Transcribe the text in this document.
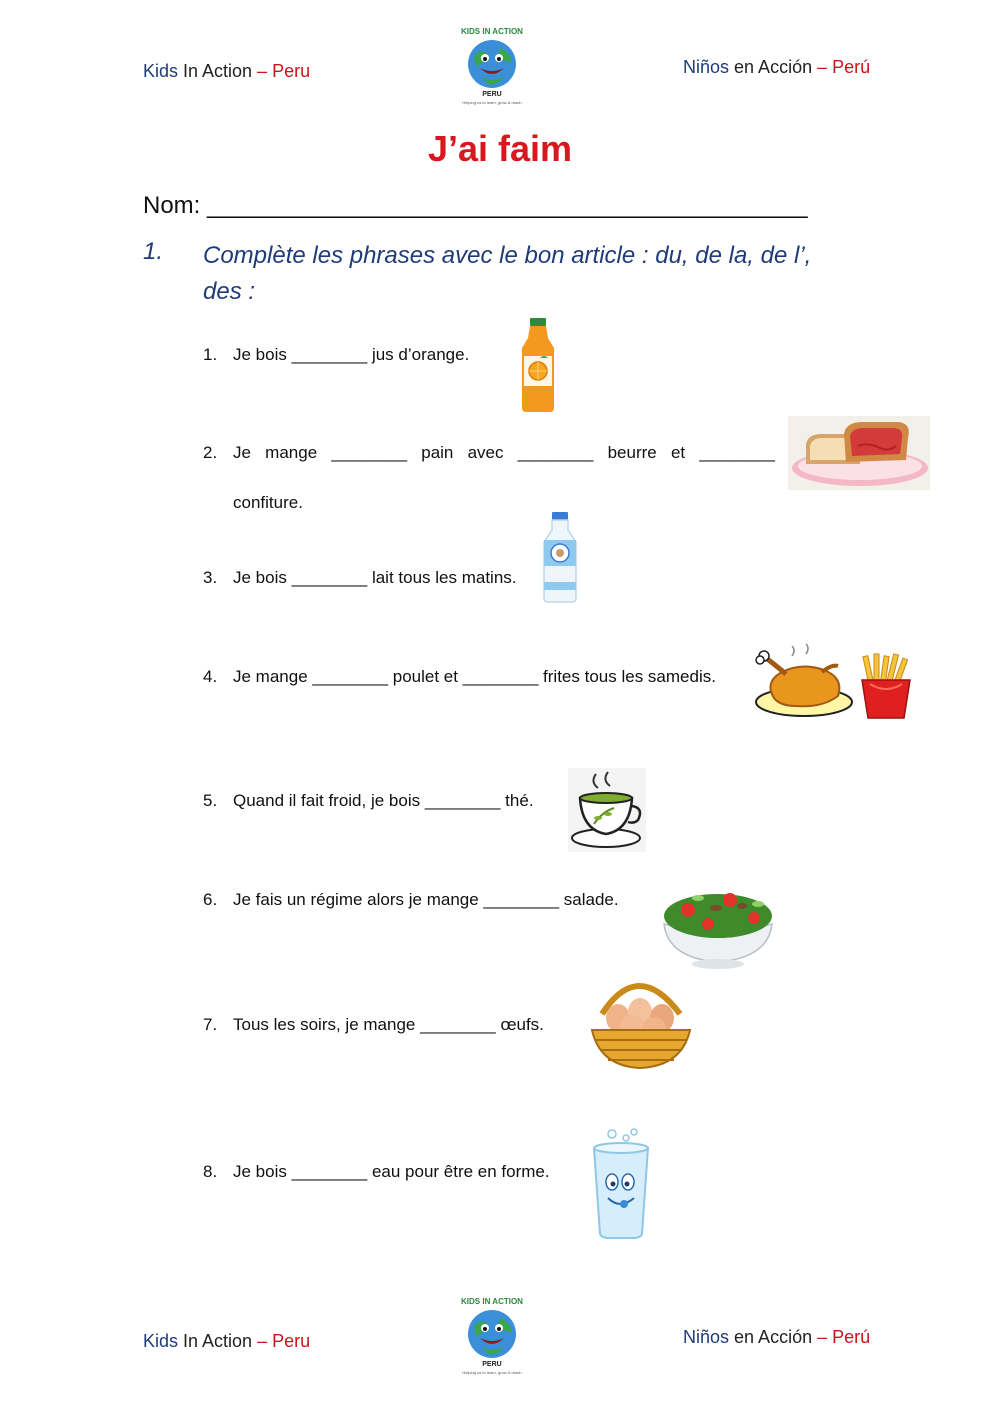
Kids In Action – Peru	Niños en Acción – Perú
KIDS IN ACTION
PERU
Helping us to learn, grow & reach
J’ai faim
Nom: _____________________________________________
1. Complète les phrases avec le bon article : du, de la, de l’, des :
1. Je bois ________ jus d’orange.
2. Je mange ________ pain avec ________ beurre et ________
confiture.
3. Je bois ________ lait tous les matins.
4. Je mange ________ poulet et ________ frites tous les samedis.
5. Quand il fait froid, je bois ________ thé.
6. Je fais un régime alors je mange ________ salade.
7. Tous les soirs, je mange ________ œufs.
8. Je bois ________ eau pour être en forme.
Kids In Action – Peru	Niños en Acción – Perú
KIDS IN ACTION
PERU
Helping us to learn, grow & reach
